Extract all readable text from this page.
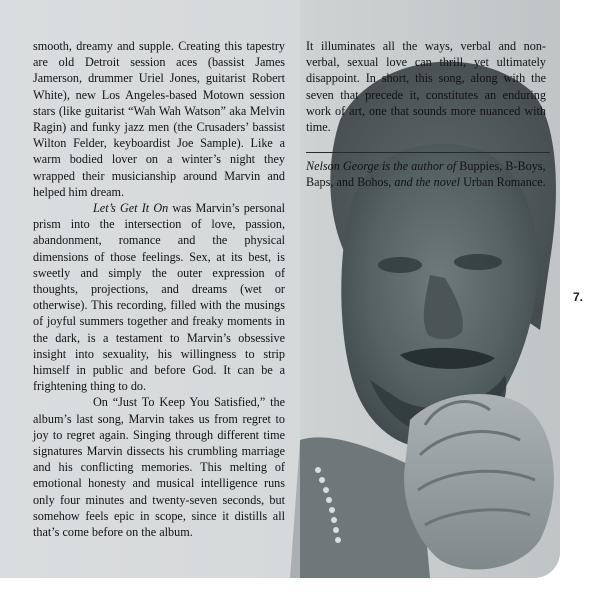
smooth, dreamy and supple. Creating this tapestry are old Detroit session aces (bassist James Jamerson, drummer Uriel Jones, guitarist Robert White), new Los Angeles-based Motown session stars (like guitarist “Wah Wah Watson” aka Melvin Ragin) and funky jazz men (the Crusaders’ bassist Wilton Felder, keyboardist Joe Sample). Like a warm bodied lover on a winter’s night they wrapped their musicianship around Marvin and helped him dream.

Let’s Get It On was Marvin’s personal prism into the intersection of love, passion, abandonment, romance and the physical dimensions of those feelings. Sex, at its best, is sweetly and simply the outer expression of thoughts, projections, and dreams (wet or otherwise). This recording, filled with the musings of joyful summers together and freaky moments in the dark, is a testament to Marvin’s obsessive insight into sexuality, his willingness to strip himself in public and before God. It can be a frightening thing to do.

On “Just To Keep You Satisfied,” the album’s last song, Marvin takes us from regret to joy to regret again. Singing through different time signatures Marvin dissects his crumbling marriage and his conflicting memories. This melting of emotional honesty and musical intelligence runs only four minutes and twenty-seven seconds, but somehow feels epic in scope, since it distills all that’s come before on the album.

It illuminates all the ways, verbal and non-verbal, sexual love can thrill, yet ultimately disappoint. In short, this song, along with the seven that precede it, constitutes an enduring work of art, one that sounds more nuanced with time.

Nelson George is the author of Buppies, B-Boys, Baps, and Bohos, and the novel Urban Romance.
7.
